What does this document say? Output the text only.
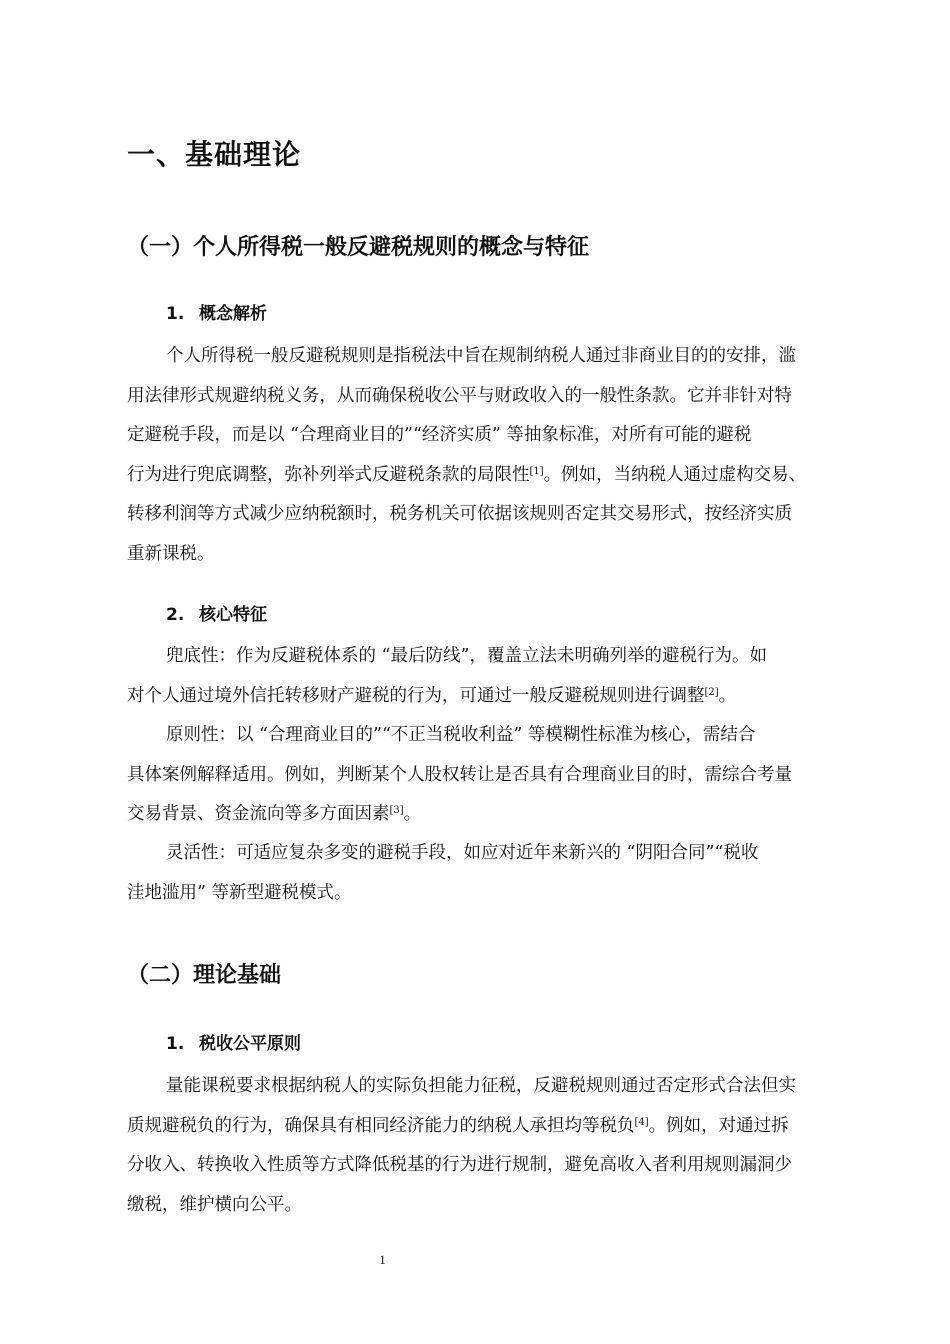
一、基础理论
（一）个人所得税一般反避税规则的概念与特征
1. 概念解析
个人所得税一般反避税规则是指税法中旨在规制纳税人通过非商业目的的安排，滥
用法律形式规避纳税义务，从而确保税收公平与财政收入的一般性条款。它并非针对特
定避税手段，而是以 “合理商业目的”“经济实质” 等抽象标准，对所有可能的避税
行为进行兜底调整，弥补列举式反避税条款的局限性[1]。例如，当纳税人通过虚构交易、
转移利润等方式减少应纳税额时，税务机关可依据该规则否定其交易形式，按经济实质
重新课税。
2. 核心特征
兜底性：作为反避税体系的 “最后防线”，覆盖立法未明确列举的避税行为。如
对个人通过境外信托转移财产避税的行为，可通过一般反避税规则进行调整[2]。
原则性：以 “合理商业目的”“不正当税收利益” 等模糊性标准为核心，需结合
具体案例解释适用。例如，判断某个人股权转让是否具有合理商业目的时，需综合考量
交易背景、资金流向等多方面因素[3]。
灵活性：可适应复杂多变的避税手段，如应对近年来新兴的 “阴阳合同”“税收
洼地滥用” 等新型避税模式。
（二）理论基础
1. 税收公平原则
量能课税要求根据纳税人的实际负担能力征税，反避税规则通过否定形式合法但实
质规避税负的行为，确保具有相同经济能力的纳税人承担均等税负[4]。例如，对通过拆
分收入、转换收入性质等方式降低税基的行为进行规制，避免高收入者利用规则漏洞少
缴税，维护横向公平。
1
